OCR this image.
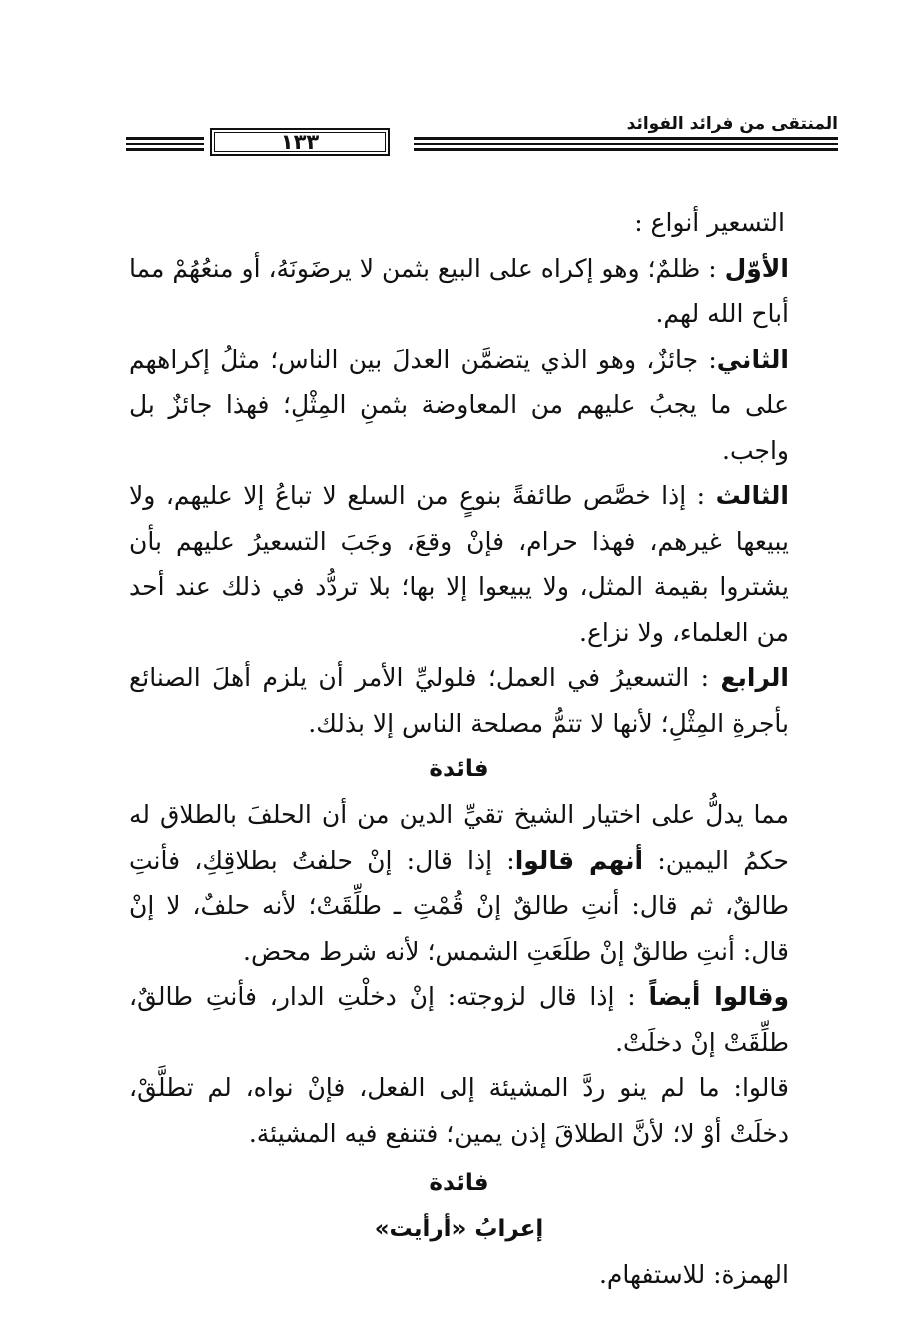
المنتقى من فرائد الفوائد
١٣٣

التسعير أنواع :

الأوّل : ظلمٌ؛ وهو إكراه على البيع بثمن لا يرضَونَهُ، أو منعُهُمْ مما أباح الله لهم.

الثاني: جائزٌ، وهو الذي يتضمَّن العدلَ بين الناس؛ مثلُ إكراههم على ما يجبُ عليهم من المعاوضة بثمنِ المِثْلِ؛ فهذا جائزٌ بل واجب.

الثالث : إذا خصَّص طائفةً بنوعٍ من السلع لا تباعُ إلا عليهم، ولا يبيعها غيرهم، فهذا حرام، فإنْ وقعَ، وجَبَ التسعيرُ عليهم بأن يشتروا بقيمة المثل، ولا يبيعوا إلا بها؛ بلا تردُّد في ذلك عند أحد من العلماء، ولا نزاع.

الرابع : التسعيرُ في العمل؛ فلوليِّ الأمر أن يلزم أهلَ الصنائع بأجرةِ المِثْلِ؛ لأنها لا تتمُّ مصلحة الناس إلا بذلك.

فائدة

مما يدلُّ على اختيار الشيخ تقيِّ الدين من أن الحلفَ بالطلاق له حكمُ اليمين: أنهم قالوا: إذا قال: إنْ حلفتُ بطلاقِكِ، فأنتِ طالقٌ، ثم قال: أنتِ طالقٌ إنْ قُمْتِ ـ طلِّقَتْ؛ لأنه حلفٌ، لا إنْ قال: أنتِ طالقٌ إنْ طلَعَتِ الشمس؛ لأنه شرط محض.

وقالوا أيضاً : إذا قال لزوجته: إنْ دخلْتِ الدار، فأنتِ طالقٌ، طلِّقَتْ إنْ دخلَتْ.

قالوا: ما لم ينو ردَّ المشيئة إلى الفعل، فإنْ نواه، لم تطلَّقْ، دخلَتْ أوْ لا؛ لأنَّ الطلاقَ إذن يمين؛ فتنفع فيه المشيئة.

فائدة
إعرابُ «أرأيت»

الهمزة: للاستفهام.
